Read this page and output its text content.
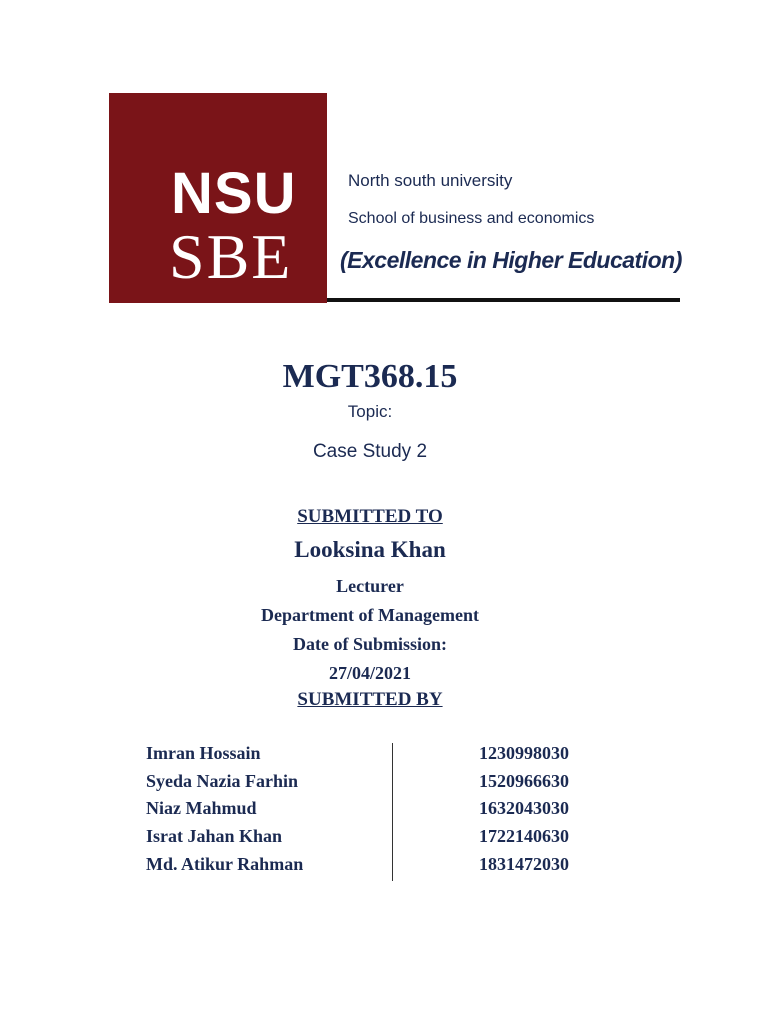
NSU
SBE
North south university
School of business and economics
(Excellence in Higher Education)
MGT368.15
Topic:
Case Study 2
SUBMITTED TO
Looksina Khan
Lecturer
Department of Management
Date of Submission:
27/04/2021
SUBMITTED BY
Imran Hossain	1230998030
Syeda Nazia Farhin	1520966630
Niaz Mahmud	1632043030
Israt Jahan Khan	1722140630
Md. Atikur Rahman	1831472030
